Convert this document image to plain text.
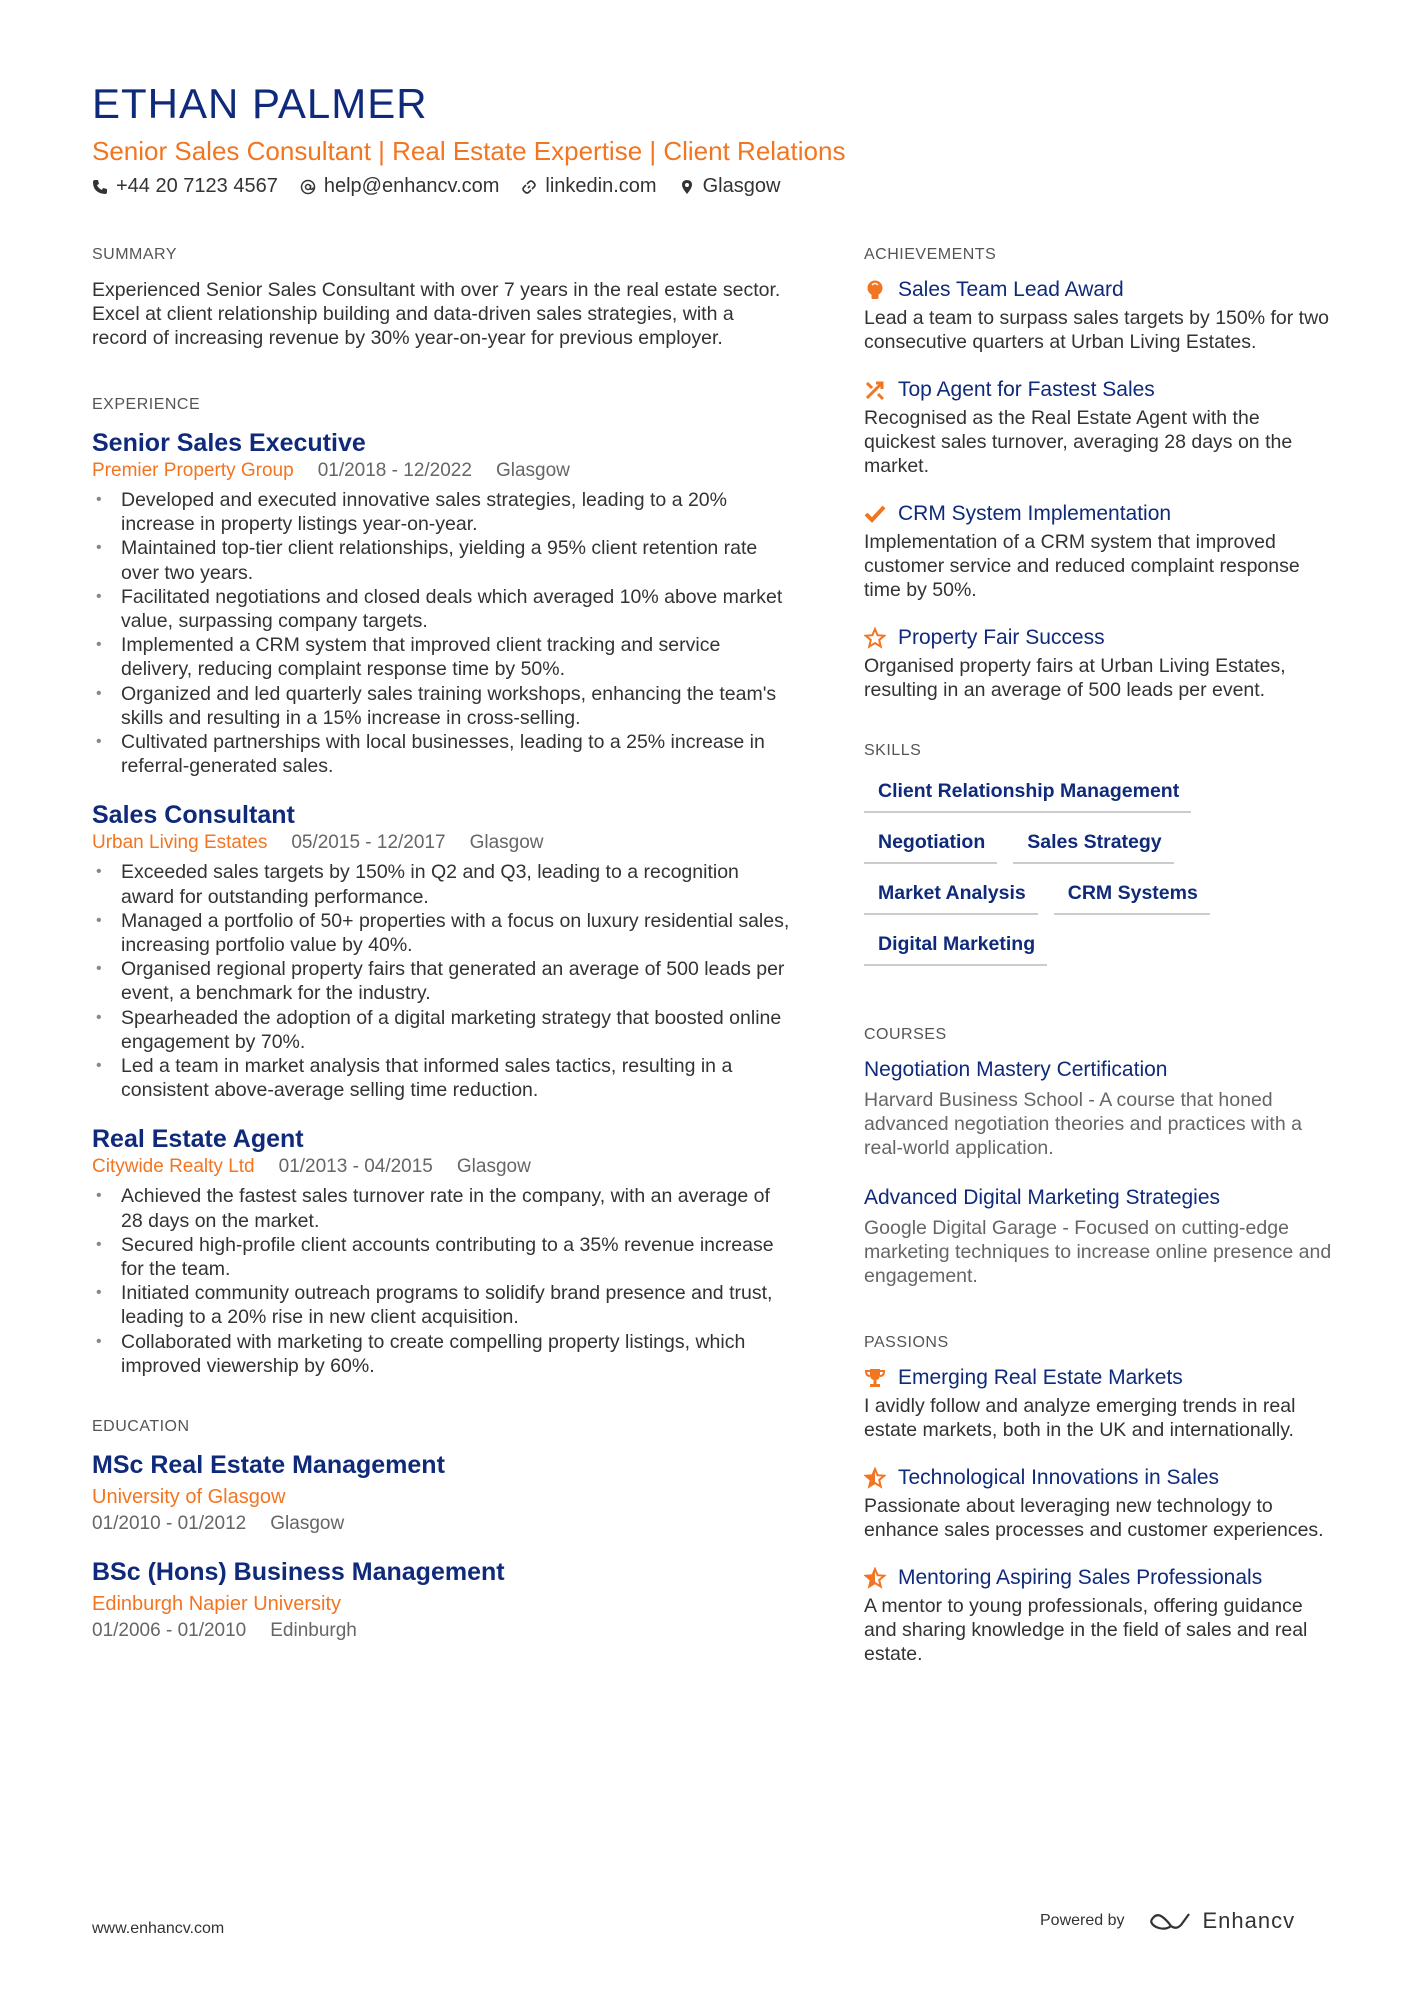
ETHAN PALMER

Senior Sales Consultant | Real Estate Expertise | Client Relations

+44 20 7123 4567 help@enhancv.com linkedin.com Glasgow
SUMMARY

Experienced Senior Sales Consultant with over 7 years in the real estate sector. Excel at client relationship building and data-driven sales strategies, with a record of increasing revenue by 30% year-on-year for previous employer.

EXPERIENCE
Senior Sales Executive
Premier Property Group 01/2018 - 12/2022 Glasgow
• Developed and executed innovative sales strategies, leading to a 20% increase in property listings year-on-year.
• Maintained top-tier client relationships, yielding a 95% client retention rate over two years.
• Facilitated negotiations and closed deals which averaged 10% above market value, surpassing company targets.
• Implemented a CRM system that improved client tracking and service delivery, reducing complaint response time by 50%.
• Organized and led quarterly sales training workshops, enhancing the team's skills and resulting in a 15% increase in cross-selling.
• Cultivated partnerships with local businesses, leading to a 25% increase in referral-generated sales.
Sales Consultant
Urban Living Estates 05/2015 - 12/2017 Glasgow
• Exceeded sales targets by 150% in Q2 and Q3, leading to a recognition award for outstanding performance.
• Managed a portfolio of 50+ properties with a focus on luxury residential sales, increasing portfolio value by 40%.
• Organised regional property fairs that generated an average of 500 leads per event, a benchmark for the industry.
• Spearheaded the adoption of a digital marketing strategy that boosted online engagement by 70%.
• Led a team in market analysis that informed sales tactics, resulting in a consistent above-average selling time reduction.
Real Estate Agent
Citywide Realty Ltd 01/2013 - 04/2015 Glasgow
• Achieved the fastest sales turnover rate in the company, with an average of 28 days on the market.
• Secured high-profile client accounts contributing to a 35% revenue increase for the team.
• Initiated community outreach programs to solidify brand presence and trust, leading to a 20% rise in new client acquisition.
• Collaborated with marketing to create compelling property listings, which improved viewership by 60%.
EDUCATION
MSc Real Estate Management
University of Glasgow
01/2010 - 01/2012 Glasgow
BSc (Hons) Business Management
Edinburgh Napier University
01/2006 - 01/2010 Edinburgh
ACHIEVEMENTS
Sales Team Lead Award

Lead a team to surpass sales targets by 150% for two consecutive quarters at Urban Living Estates.

Top Agent for Fastest Sales

Recognised as the Real Estate Agent with the quickest sales turnover, averaging 28 days on the market.

CRM System Implementation

Implementation of a CRM system that improved customer service and reduced complaint response time by 50%.

Property Fair Success

Organised property fairs at Urban Living Estates, resulting in an average of 500 leads per event.

SKILLS
Client Relationship Management
Negotiation	Sales Strategy
Market Analysis	CRM Systems
Digital Marketing
COURSES
Negotiation Mastery Certification

Harvard Business School - A course that honed advanced negotiation theories and practices with a real-world application.

Advanced Digital Marketing Strategies

Google Digital Garage - Focused on cutting-edge marketing techniques to increase online presence and engagement.

PASSIONS
Emerging Real Estate Markets

I avidly follow and analyze emerging trends in real estate markets, both in the UK and internationally.

Technological Innovations in Sales

Passionate about leveraging new technology to enhance sales processes and customer experiences.

Mentoring Aspiring Sales Professionals

A mentor to young professionals, offering guidance and sharing knowledge in the field of sales and real estate.

www.enhancv.com	Powered by	Enhancv
